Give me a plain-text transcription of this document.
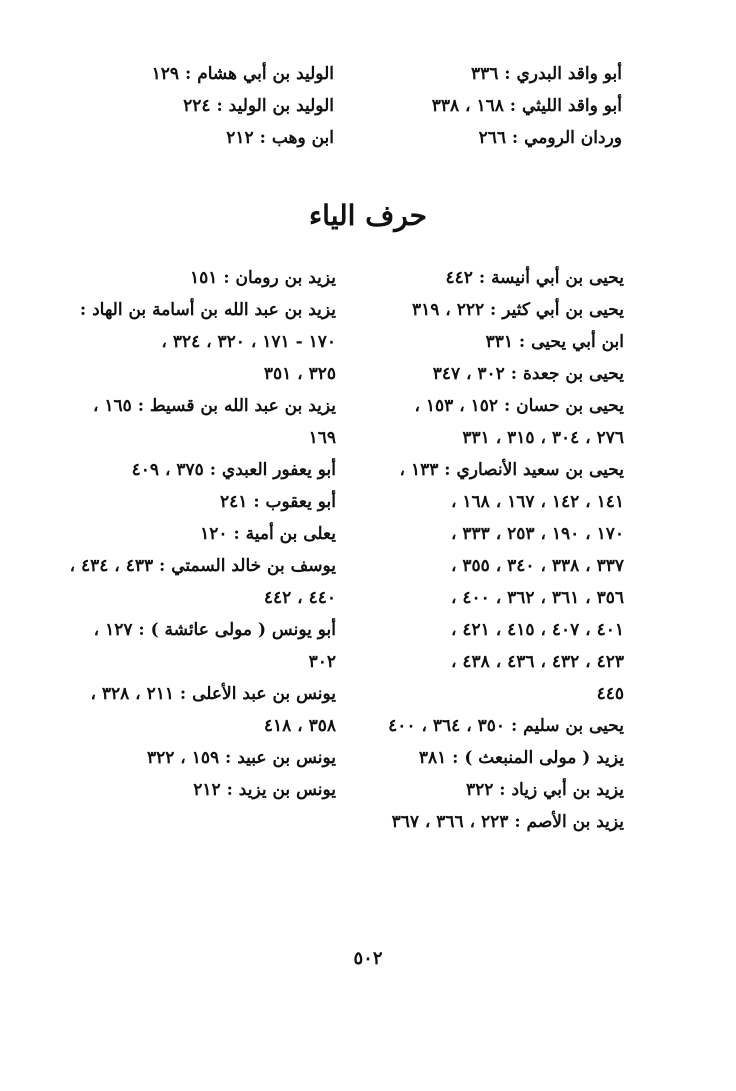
أبو واقد البدري : ٣٣٦
أبو واقد الليثي : ١٦٨ ، ٣٣٨
وردان الرومي : ٢٦٦
الوليد بن أبي هشام : ١٢٩
الوليد بن الوليد : ٢٢٤
ابن وهب : ٢١٢
حرف الياء
يحيى بن أبي أنيسة : ٤٤٢
يحيى بن أبي كثير : ٢٢٢ ، ٣١٩
ابن أبي يحيى : ٣٣١
يحيى بن جعدة : ٣٠٢ ، ٣٤٧
يحيى بن حسان : ١٥٢ ، ١٥٣ ،
٢٧٦ ، ٣٠٤ ، ٣١٥ ، ٣٣١
يحيى بن سعيد الأنصاري : ١٣٣ ،
١٤١ ، ١٤٢ ، ١٦٧ ، ١٦٨ ،
١٧٠ ، ١٩٠ ، ٢٥٣ ، ٣٣٣ ،
٣٣٧ ، ٣٣٨ ، ٣٤٠ ، ٣٥٥ ،
٣٥٦ ، ٣٦١ ، ٣٦٢ ، ٤٠٠ ،
٤٠١ ، ٤٠٧ ، ٤١٥ ، ٤٢١ ،
٤٢٣ ، ٤٣٢ ، ٤٣٦ ، ٤٣٨ ،
٤٤٥
يحيى بن سليم : ٣٥٠ ، ٣٦٤ ، ٤٠٠
يزيد ( مولى المنبعث ) : ٣٨١
يزيد بن أبي زياد : ٣٢٢
يزيد بن الأصم : ٢٢٣ ، ٣٦٦ ، ٣٦٧
يزيد بن رومان : ١٥١
يزيد بن عبد الله بن أسامة بن الهاد :
١٧٠ - ١٧١ ، ٣٢٠ ، ٣٢٤ ،
٣٢٥ ، ٣٥١
يزيد بن عبد الله بن قسيط : ١٦٥ ،
١٦٩
أبو يعفور العبدي : ٣٧٥ ، ٤٠٩
أبو يعقوب : ٢٤١
يعلى بن أمية : ١٢٠
يوسف بن خالد السمتي : ٤٣٣ ، ٤٣٤ ،
٤٤٠ ، ٤٤٢
أبو يونس ( مولى عائشة ) : ١٢٧ ،
٣٠٢
يونس بن عبد الأعلى : ٢١١ ، ٣٢٨ ،
٣٥٨ ، ٤١٨
يونس بن عبيد : ١٥٩ ، ٣٢٢
يونس بن يزيد : ٢١٢
٥٠٢
